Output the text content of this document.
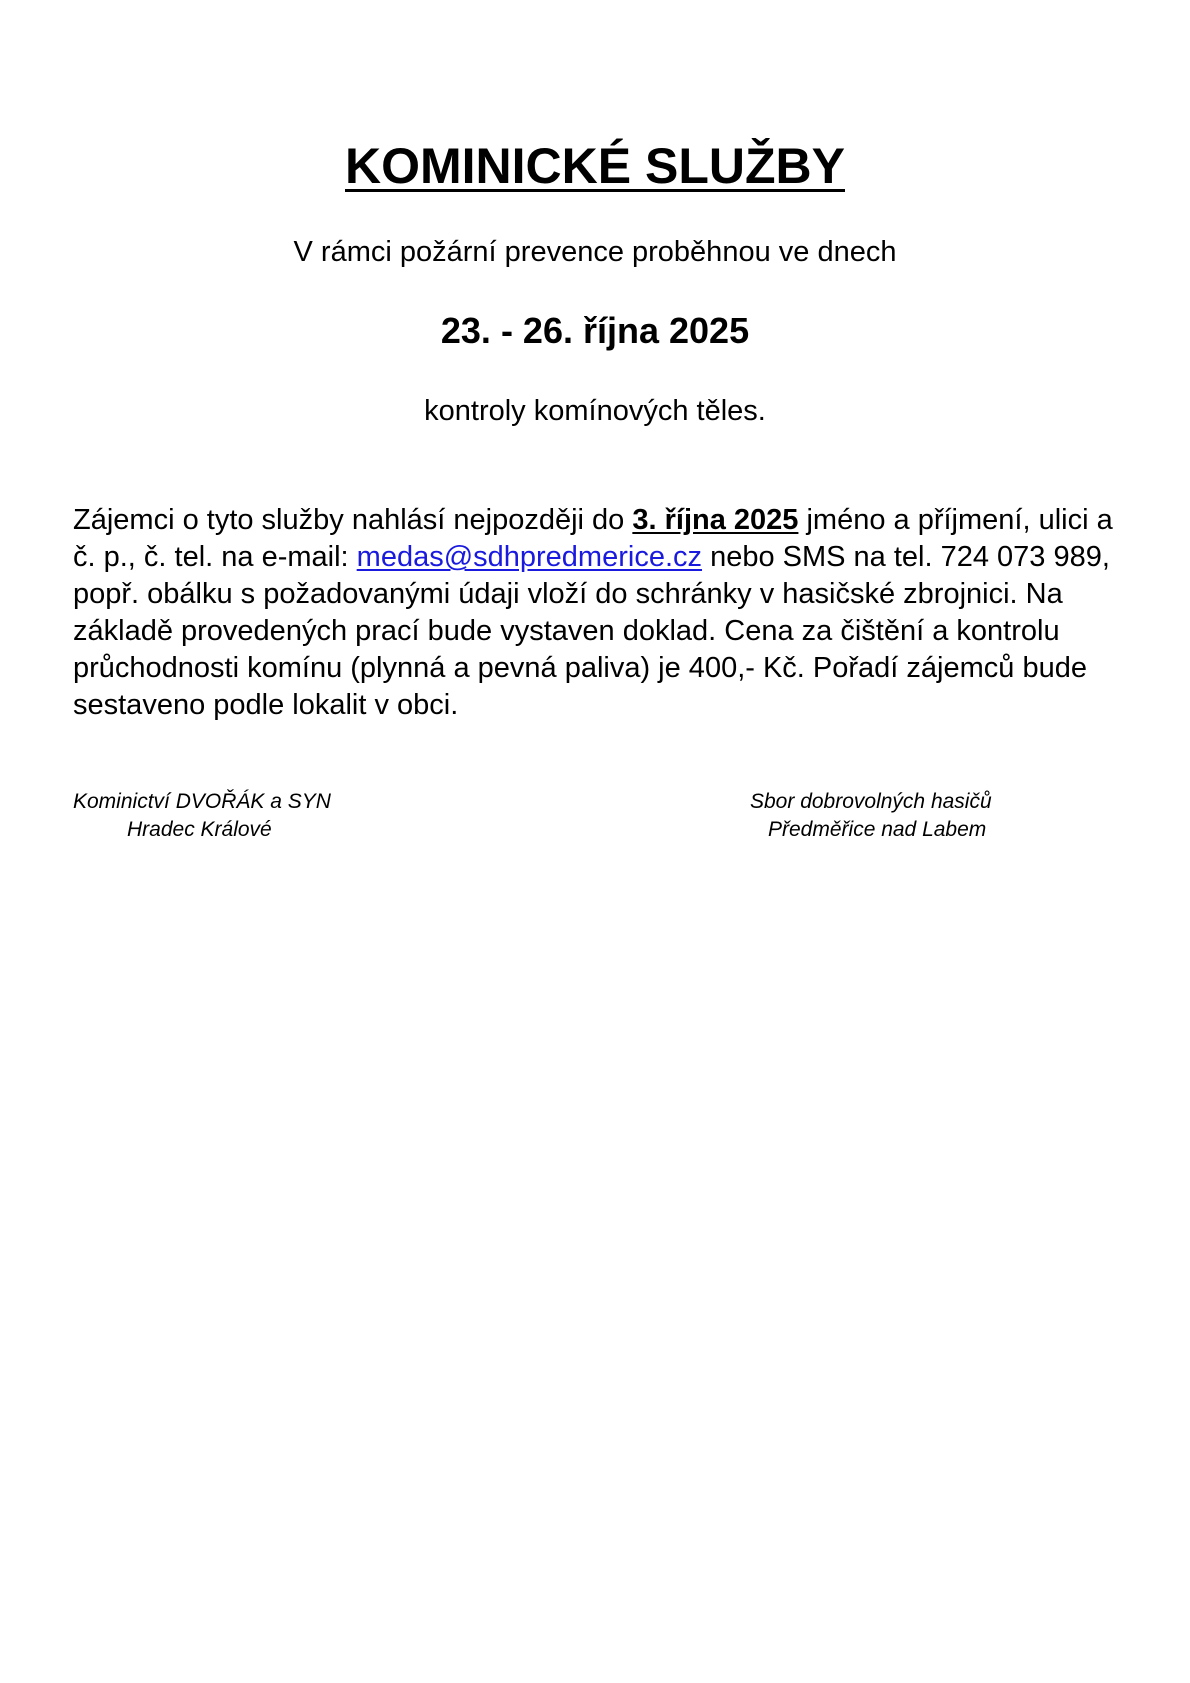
KOMINICKÉ SLUŽBY

V rámci požární prevence proběhnou ve dnech

23. - 26. října 2025

kontroly komínových těles.

Zájemci o tyto služby nahlásí nejpozději do 3. října 2025 jméno a příjmení, ulici a č. p., č. tel. na e-mail: medas@sdhpredmerice.cz nebo SMS na tel. 724 073 989, popř. obálku s požadovanými údaji vloží do schránky v hasičské zbrojnici. Na základě provedených prací bude vystaven doklad. Cena za čištění a kontrolu průchodnosti komínu (plynná a pevná paliva) je 400,- Kč. Pořadí zájemců bude sestaveno podle lokalit v obci.

Kominictví DVOŘÁK a SYN
Hradec Králové
Sbor dobrovolných hasičů
Předměřice nad Labem
